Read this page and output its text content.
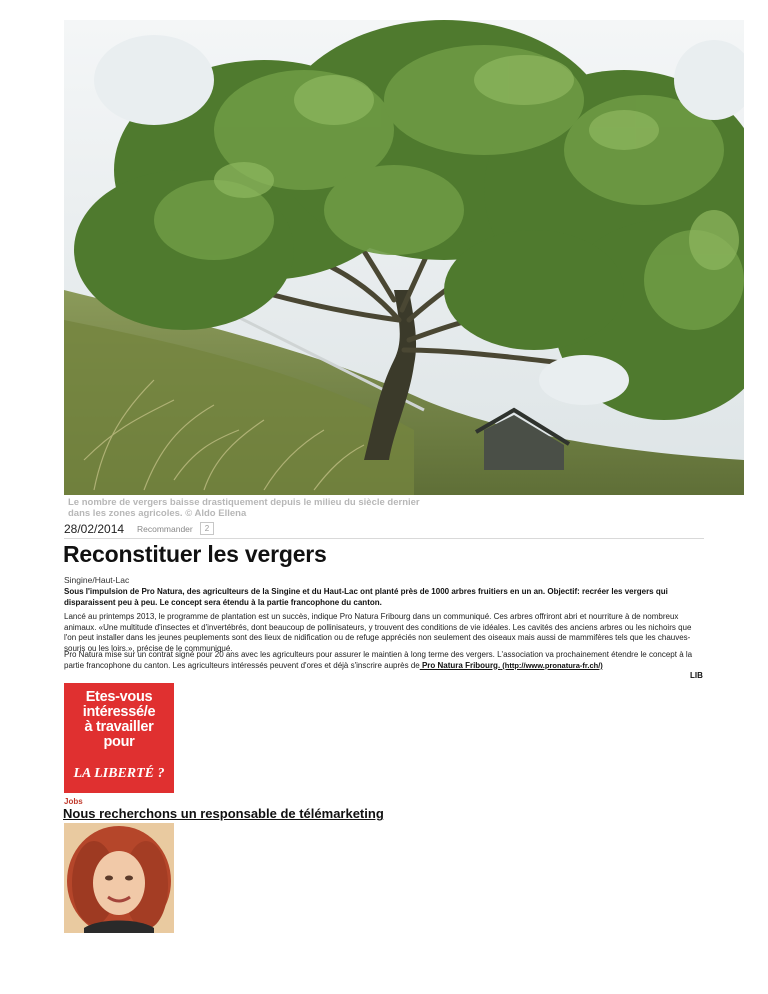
Le nombre de vergers baisse drastiquement depuis le milieu du siècle dernier dans les zones agricoles. © Aldo Ellena
28/02/2014 Recommander	2
Reconstituer les vergers
Singine/Haut-Lac
Sous l'impulsion de Pro Natura, des agriculteurs de la Singine et du Haut-Lac ont planté près de 1000 arbres fruitiers en un an. Objectif: recréer les vergers qui disparaissent peu à peu. Le concept sera étendu à la partie francophone du canton.
Lancé au printemps 2013, le programme de plantation est un succès, indique Pro Natura Fribourg dans un communiqué. Ces arbres offriront abri et nourriture à de nombreux animaux. «Une multitude d'insectes et d'invertébrés, dont beaucoup de pollinisateurs, y trouvent des conditions de vie idéales. Les cavités des anciens arbres ou les nichoirs que l'on peut installer dans les jeunes peuplements sont des lieux de nidification ou de refuge appréciés non seulement des oiseaux mais aussi de mammifères tels que les chauves-souris ou les loirs.», précise de le communiqué.
Pro Natura mise sur un contrat signé pour 20 ans avec les agriculteurs pour assurer le maintien à long terme des vergers. L'association va prochainement étendre le concept à la partie francophone du canton. Les agriculteurs intéressés peuvent d'ores et déjà s'inscrire auprès de Pro Natura Fribourg. (http://www.pronatura-fr.ch/)
LIB
Etes-vous
intéressé/e
à travailler
pour
LA LIBERTÉ ?
Jobs
Nous recherchons un responsable de télémarketing
